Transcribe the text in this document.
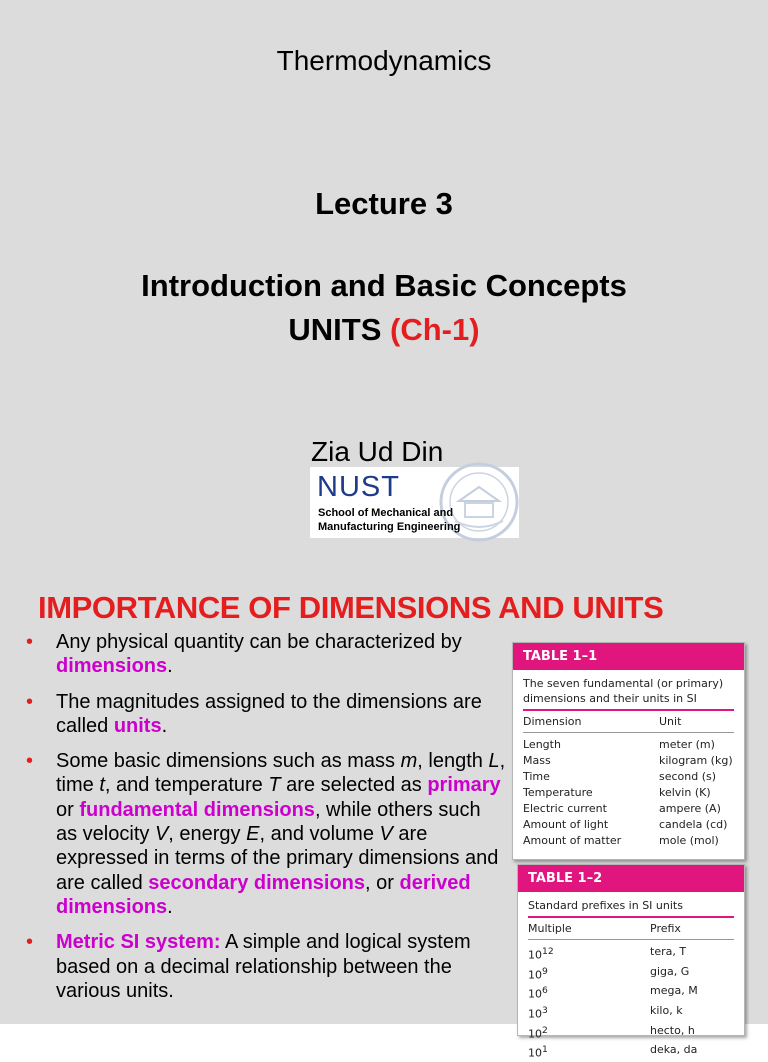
Thermodynamics
Lecture 3
Introduction and Basic Concepts
UNITS (Ch-1)
Zia Ud Din
NUST
School of Mechanical and
Manufacturing Engineering
IMPORTANCE OF DIMENSIONS AND UNITS
• Any physical quantity can be characterized by dimensions.
• The magnitudes assigned to the dimensions are called units.
• Some basic dimensions such as mass m, length L, time t, and temperature T are selected as primary or fundamental dimensions, while others such as velocity V, energy E, and volume V are expressed in terms of the primary dimensions and are called secondary dimensions, or derived dimensions.
• Metric SI system: A simple and logical system based on a decimal relationship between the various units.
TABLE 1–1
The seven fundamental (or primary) dimensions and their units in SI
Dimension	Unit
Length	meter (m)
Mass	kilogram (kg)
Time	second (s)
Temperature	kelvin (K)
Electric current	ampere (A)
Amount of light	candela (cd)
Amount of matter	mole (mol)
TABLE 1–2
Standard prefixes in SI units
Multiple	Prefix
$10^{12}$	tera, T
$10^9$	giga, G
$10^6$	mega, M
$10^3$	kilo, k
$10^2$	hecto, h
$10^1$	deka, da
